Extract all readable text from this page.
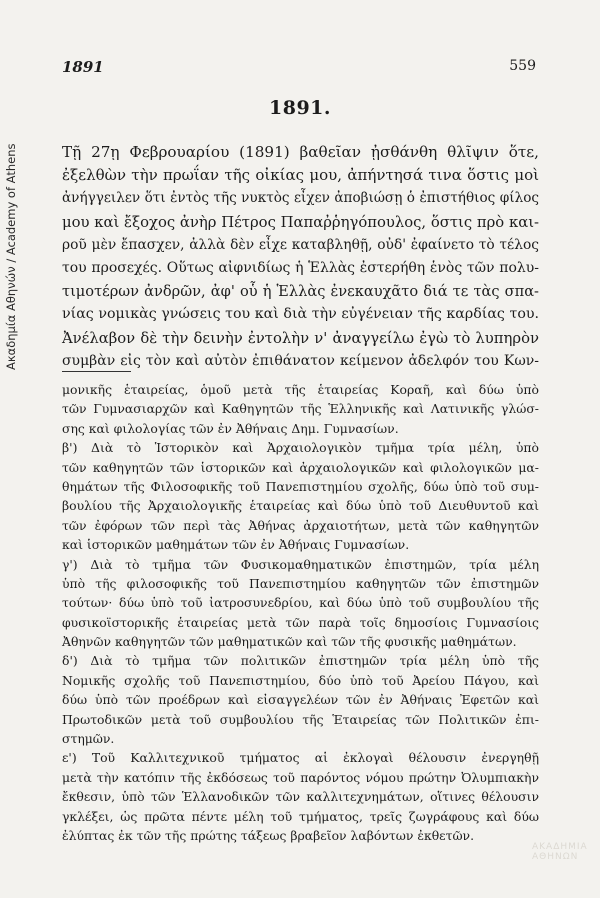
Ακαδημία Αθηνών / Academy of Athens
1891	559
1891.
Τῇ 27ῃ Φεβρουαρίου (1891) βαθεῖαν ᾐσθάνθη θλῖψιν ὅτε,
ἐξελθὼν τὴν πρωΐαν τῆς οἰκίας μου, ἀπήντησά τινα ὅστις μοὶ
ἀνήγγειλεν ὅτι ἐντὸς τῆς νυκτὸς εἶχεν ἀποβιώσῃ ὁ ἐπιστήθιος φίλος
μου καὶ ἔξοχος ἀνὴρ Πέτρος Παπαῤῥηγόπουλος, ὅστις πρὸ και-
ροῦ μὲν ἔπασχεν, ἀλλὰ δὲν εἶχε καταβληθῇ, οὐδ' ἐφαίνετο τὸ τέλος
του προσεχές. Οὕτως αἰφνιδίως ἡ Ἑλλὰς ἐστερήθη ἑνὸς τῶν πολυ-
τιμοτέρων ἀνδρῶν, ἀφ' οὗ ἡ Ἑλλὰς ἐνεκαυχᾶτο διά τε τὰς σπα-
νίας νομικὰς γνώσεις του καὶ διὰ τὴν εὐγένειαν τῆς καρδίας του.
Ἀνέλαβον δὲ τὴν δεινὴν ἐντολὴν ν' ἀναγγείλω ἐγὼ τὸ λυπηρὸν
συμβὰν εἰς τὸν καὶ αὐτὸν ἐπιθάνατον κείμενον ἀδελφόν του Κων-
μονικῆς ἑταιρείας, ὁμοῦ μετὰ τῆς ἑταιρείας Κοραῆ, καὶ δύω ὑπὸ
τῶν Γυμνασιαρχῶν καὶ Καθηγητῶν τῆς Ἑλληνικῆς καὶ Λατινικῆς γλώσ-
σης καὶ φιλολογίας τῶν ἐν Ἀθήναις Δημ. Γυμνασίων.
β') Διὰ τὸ Ἱστορικὸν καὶ Ἀρχαιολογικὸν τμῆμα τρία μέλη, ὑπὸ
τῶν καθηγητῶν τῶν ἱστορικῶν καὶ ἀρχαιολογικῶν καὶ φιλολογικῶν μα-
θημάτων τῆς Φιλοσοφικῆς τοῦ Πανεπιστημίου σχολῆς, δύω ὑπὸ τοῦ συμ-
βουλίου τῆς Ἀρχαιολογικῆς ἑταιρείας καὶ δύω ὑπὸ τοῦ Διευθυντοῦ καὶ
τῶν ἐφόρων τῶν περὶ τὰς Ἀθήνας ἀρχαιοτήτων, μετὰ τῶν καθηγητῶν
καὶ ἱστορικῶν μαθημάτων τῶν ἐν Ἀθήναις Γυμνασίων.
γ') Διὰ τὸ τμῆμα τῶν Φυσικομαθηματικῶν ἐπιστημῶν, τρία μέλη
ὑπὸ τῆς φιλοσοφικῆς τοῦ Πανεπιστημίου καθηγητῶν τῶν ἐπιστημῶν
τούτων· δύω ὑπὸ τοῦ ἰατροσυνεδρίου, καὶ δύω ὑπὸ τοῦ συμβουλίου τῆς
φυσικοϊστορικῆς ἑταιρείας μετὰ τῶν παρὰ τοῖς δημοσίοις Γυμνασίοις
Ἀθηνῶν καθηγητῶν τῶν μαθηματικῶν καὶ τῶν τῆς φυσικῆς μαθημάτων.
δ') Διὰ τὸ τμῆμα τῶν πολιτικῶν ἐπιστημῶν τρία μέλη ὑπὸ τῆς
Νομικῆς σχολῆς τοῦ Πανεπιστημίου, δύο ὑπὸ τοῦ Ἀρείου Πάγου, καὶ
δύω ὑπὸ τῶν προέδρων καὶ εἰσαγγελέων τῶν ἐν Ἀθήναις Ἐφετῶν καὶ
Πρωτοδικῶν μετὰ τοῦ συμβουλίου τῆς Ἑταιρείας τῶν Πολιτικῶν ἐπι-
στημῶν.
ε') Τοῦ Καλλιτεχνικοῦ τμήματος αἱ ἐκλογαὶ θέλουσιν ἐνεργηθῇ
μετὰ τὴν κατόπιν τῆς ἐκδόσεως τοῦ παρόντος νόμου πρώτην Ὀλυμπιακὴν
ἔκθεσιν, ὑπὸ τῶν Ἑλλανοδικῶν τῶν καλλιτεχνημάτων, οἵτινες θέλουσιν
γκλέξει, ὡς πρῶτα πέντε μέλη τοῦ τμήματος, τρεῖς ζωγράφους καὶ δύω
ἐλύπτας ἐκ τῶν τῆς πρώτης τάξεως βραβεῖον λαβόντων ἐκθετῶν.
ΑΚΑΔΗΜΙΑ ΑΘΗΝΩΝ
